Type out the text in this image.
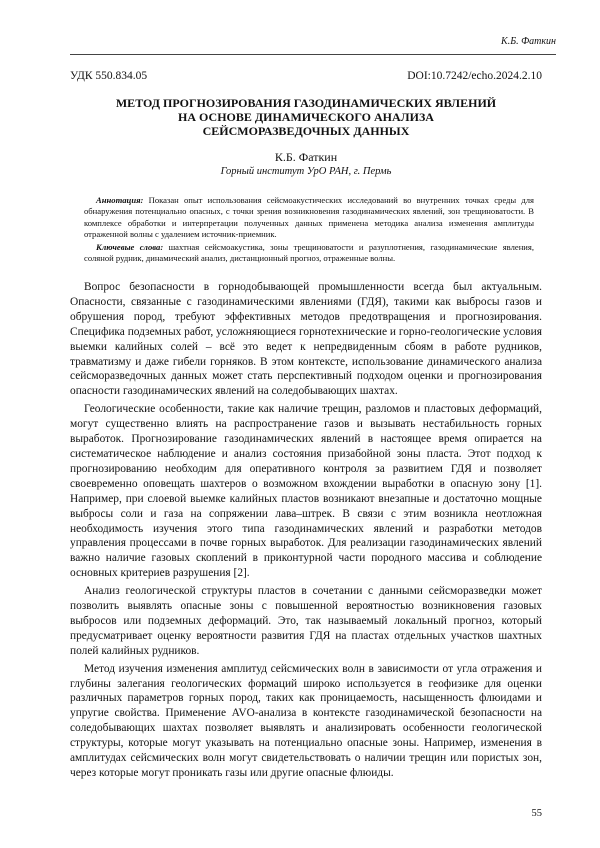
К.Б. Фаткин
УДК 550.834.05	DOI:10.7242/echo.2024.2.10
МЕТОД ПРОГНОЗИРОВАНИЯ ГАЗОДИНАМИЧЕСКИХ ЯВЛЕНИЙ
НА ОСНОВЕ ДИНАМИЧЕСКОГО АНАЛИЗА
СЕЙСМОРАЗВЕДОЧНЫХ ДАННЫХ
К.Б. Фаткин
Горный институт УрО РАН, г. Пермь

Аннотация: Показан опыт использования сейсмоакустических исследований во внутренних точках среды для обнаружения потенциально опасных, с точки зрения возникновения газодинамических явлений, зон трещиноватости. В комплексе обработки и интерпретации полученных данных применена методика анализа изменения амплитуды отраженной волны с удалением источник-приемник.

Ключевые слова: шахтная сейсмоакустика, зоны трещиноватости и разуплотнения, газодинамические явления, соляной рудник, динамический анализ, дистанционный прогноз, отраженные волны.

Вопрос безопасности в горнодобывающей промышленности всегда был актуальным. Опасности, связанные с газодинамическими явлениями (ГДЯ), такими как выбросы газов и обрушения пород, требуют эффективных методов предотвращения и прогнозирования. Специфика подземных работ, усложняющиеся горнотехнические и горно-геологические условия выемки калийных солей – всё это ведет к непредвиденным сбоям в работе рудников, травматизму и даже гибели горняков. В этом контексте, использование динамического анализа сейсморазведочных данных может стать перспективный подходом оценки и прогнозирования опасности газодинамических явлений на соледобывающих шахтах.

Геологические особенности, такие как наличие трещин, разломов и пластовых деформаций, могут существенно влиять на распространение газов и вызывать нестабильность горных выработок. Прогнозирование газодинамических явлений в настоящее время опирается на систематическое наблюдение и анализ состояния призабойной зоны пласта. Этот подход к прогнозированию необходим для оперативного контроля за развитием ГДЯ и позволяет своевременно оповещать шахтеров о возможном вхождении выработки в опасную зону [1]. Например, при слоевой выемке калийных пластов возникают внезапные и достаточно мощные выбросы соли и газа на сопряжении лава–штрек. В связи с этим возникла неотложная необходимость изучения этого типа газодинамических явлений и разработки методов управления процессами в почве горных выработок. Для реализации газодинамических явлений важно наличие газовых скоплений в приконтурной части породного массива и соблюдение основных критериев разрушения [2].

Анализ геологической структуры пластов в сочетании с данными сейсморазведки может позволить выявлять опасные зоны с повышенной вероятностью возникновения газовых выбросов или подземных деформаций. Это, так называемый локальный прогноз, который предусматривает оценку вероятности развития ГДЯ на пластах отдельных участков шахтных полей калийных рудников.

Метод изучения изменения амплитуд сейсмических волн в зависимости от угла отражения и глубины залегания геологических формаций широко используется в геофизике для оценки различных параметров горных пород, таких как проницаемость, насыщенность флюидами и упругие свойства. Применение AVO-анализа в контексте газодинамической безопасности на соледобывающих шахтах позволяет выявлять и анализировать особенности геологической структуры, которые могут указывать на потенциально опасные зоны. Например, изменения в амплитудах сейсмических волн могут свидетельствовать о наличии трещин или пористых зон, через которые могут проникать газы или другие опасные флюиды.

55
